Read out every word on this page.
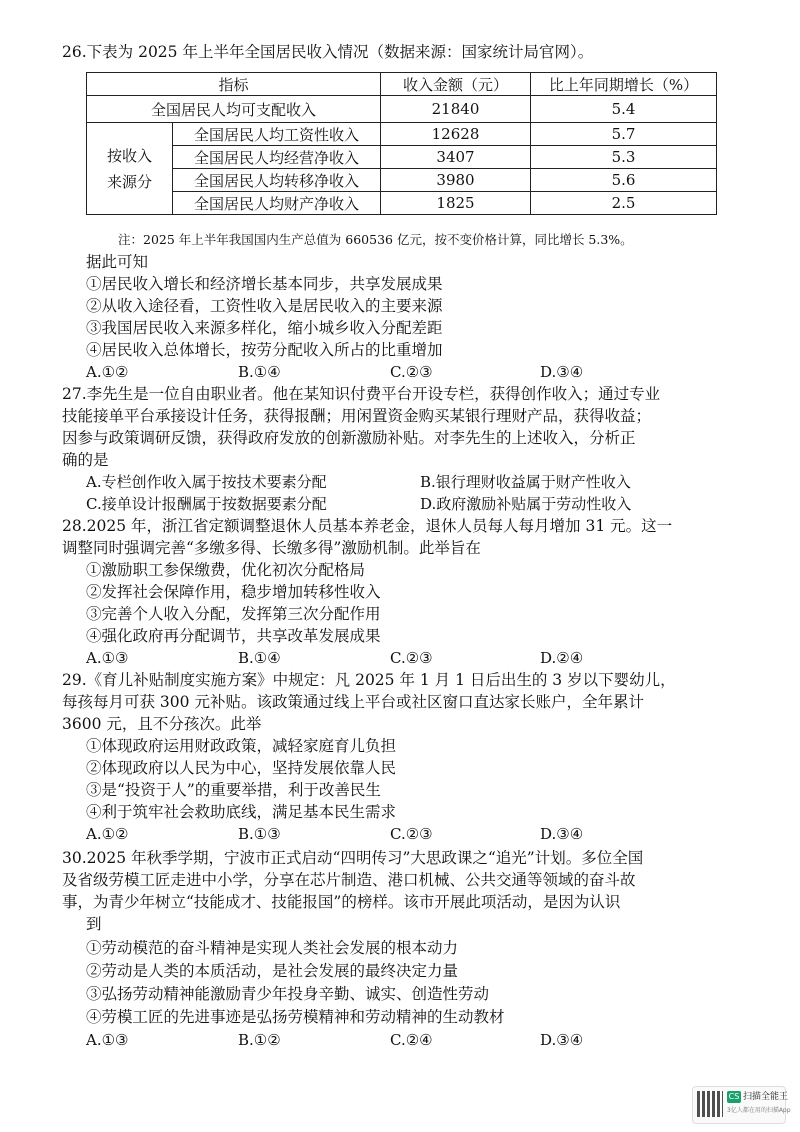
26.下表为 2025 年上半年全国居民收入情况（数据来源：国家统计局官网）。
指标		收入金额（元）	比上年同期增长（%）
全国居民人均可支配收入		21840	5.4
按收入
来源分	全国居民人均工资性收入	12628	5.7
	全国居民人均经营净收入	3407	5.3
	全国居民人均转移净收入	3980	5.6
	全国居民人均财产净收入	1825	2.5
注：2025 年上半年我国国内生产总值为 660536 亿元，按不变价格计算，同比增长 5.3%。
据此可知
①居民收入增长和经济增长基本同步，共享发展成果
②从收入途径看，工资性收入是居民收入的主要来源
③我国居民收入来源多样化，缩小城乡收入分配差距
④居民收入总体增长，按劳分配收入所占的比重增加
A.①②	B.①④	C.②③	D.③④
27.李先生是一位自由职业者。他在某知识付费平台开设专栏，获得创作收入；通过专业
技能接单平台承接设计任务，获得报酬；用闲置资金购买某银行理财产品，获得收益；
因参与政策调研反馈，获得政府发放的创新激励补贴。对李先生的上述收入，分析正
确的是
A.专栏创作收入属于按技术要素分配	B.银行理财收益属于财产性收入
C.接单设计报酬属于按数据要素分配	D.政府激励补贴属于劳动性收入
28.2025 年，浙江省定额调整退休人员基本养老金，退休人员每人每月增加 31 元。这一
调整同时强调完善“多缴多得、长缴多得”激励机制。此举旨在
①激励职工参保缴费，优化初次分配格局
②发挥社会保障作用，稳步增加转移性收入
③完善个人收入分配，发挥第三次分配作用
④强化政府再分配调节，共享改革发展成果
A.①③	B.①④	C.②③	D.②④
29.《育儿补贴制度实施方案》中规定：凡 2025 年 1 月 1 日后出生的 3 岁以下婴幼儿，
每孩每月可获 300 元补贴。该政策通过线上平台或社区窗口直达家长账户，全年累计
3600 元，且不分孩次。此举
①体现政府运用财政政策，减轻家庭育儿负担
②体现政府以人民为中心，坚持发展依靠人民
③是“投资于人”的重要举措，利于改善民生
④利于筑牢社会救助底线，满足基本民生需求
A.①②	B.①③	C.②③	D.③④
30.2025 年秋季学期，宁波市正式启动“四明传习”大思政课之“追光”计划。多位全国
及省级劳模工匠走进中小学，分享在芯片制造、港口机械、公共交通等领域的奋斗故
事，为青少年树立“技能成才、技能报国”的榜样。该市开展此项活动，是因为认识
到
①劳动模范的奋斗精神是实现人类社会发展的根本动力
②劳动是人类的本质活动，是社会发展的最终决定力量
③弘扬劳动精神能激励青少年投身辛勤、诚实、创造性劳动
④劳模工匠的先进事迹是弘扬劳模精神和劳动精神的生动教材
A.①③	B.①②	C.②④	D.③④
CS 扫描全能王
3亿人都在用的扫描App
